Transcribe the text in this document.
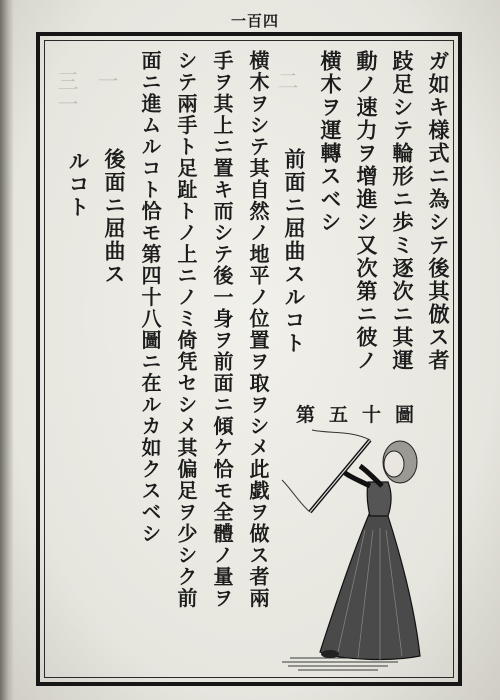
一百四
三一 一	二	ガ如キ様式ニ為シテ後其倣ス者
跂足シテ輪形ニ歩ミ逐次ニ其運
動ノ速力ヲ增進シ又次第ニ彼ノ
横木ヲ運轉スベシ
前面ニ屈曲スルコト
横木ヲシテ其自然ノ地平ノ位置ヲ取ヲシメ此戯ヲ做ス者兩
手ヲ其上ニ置キ而シテ後一身ヲ前面ニ傾ケ恰モ全體ノ量ヲ
シテ兩手ト足趾トノ上ニノミ倚凭セシメ其偏足ヲ少シク前
面ニ進ムルコト恰モ第四十八圖ニ在ルカ如クスベシ
後面ニ屈曲ス
ルコト
第五十圖
